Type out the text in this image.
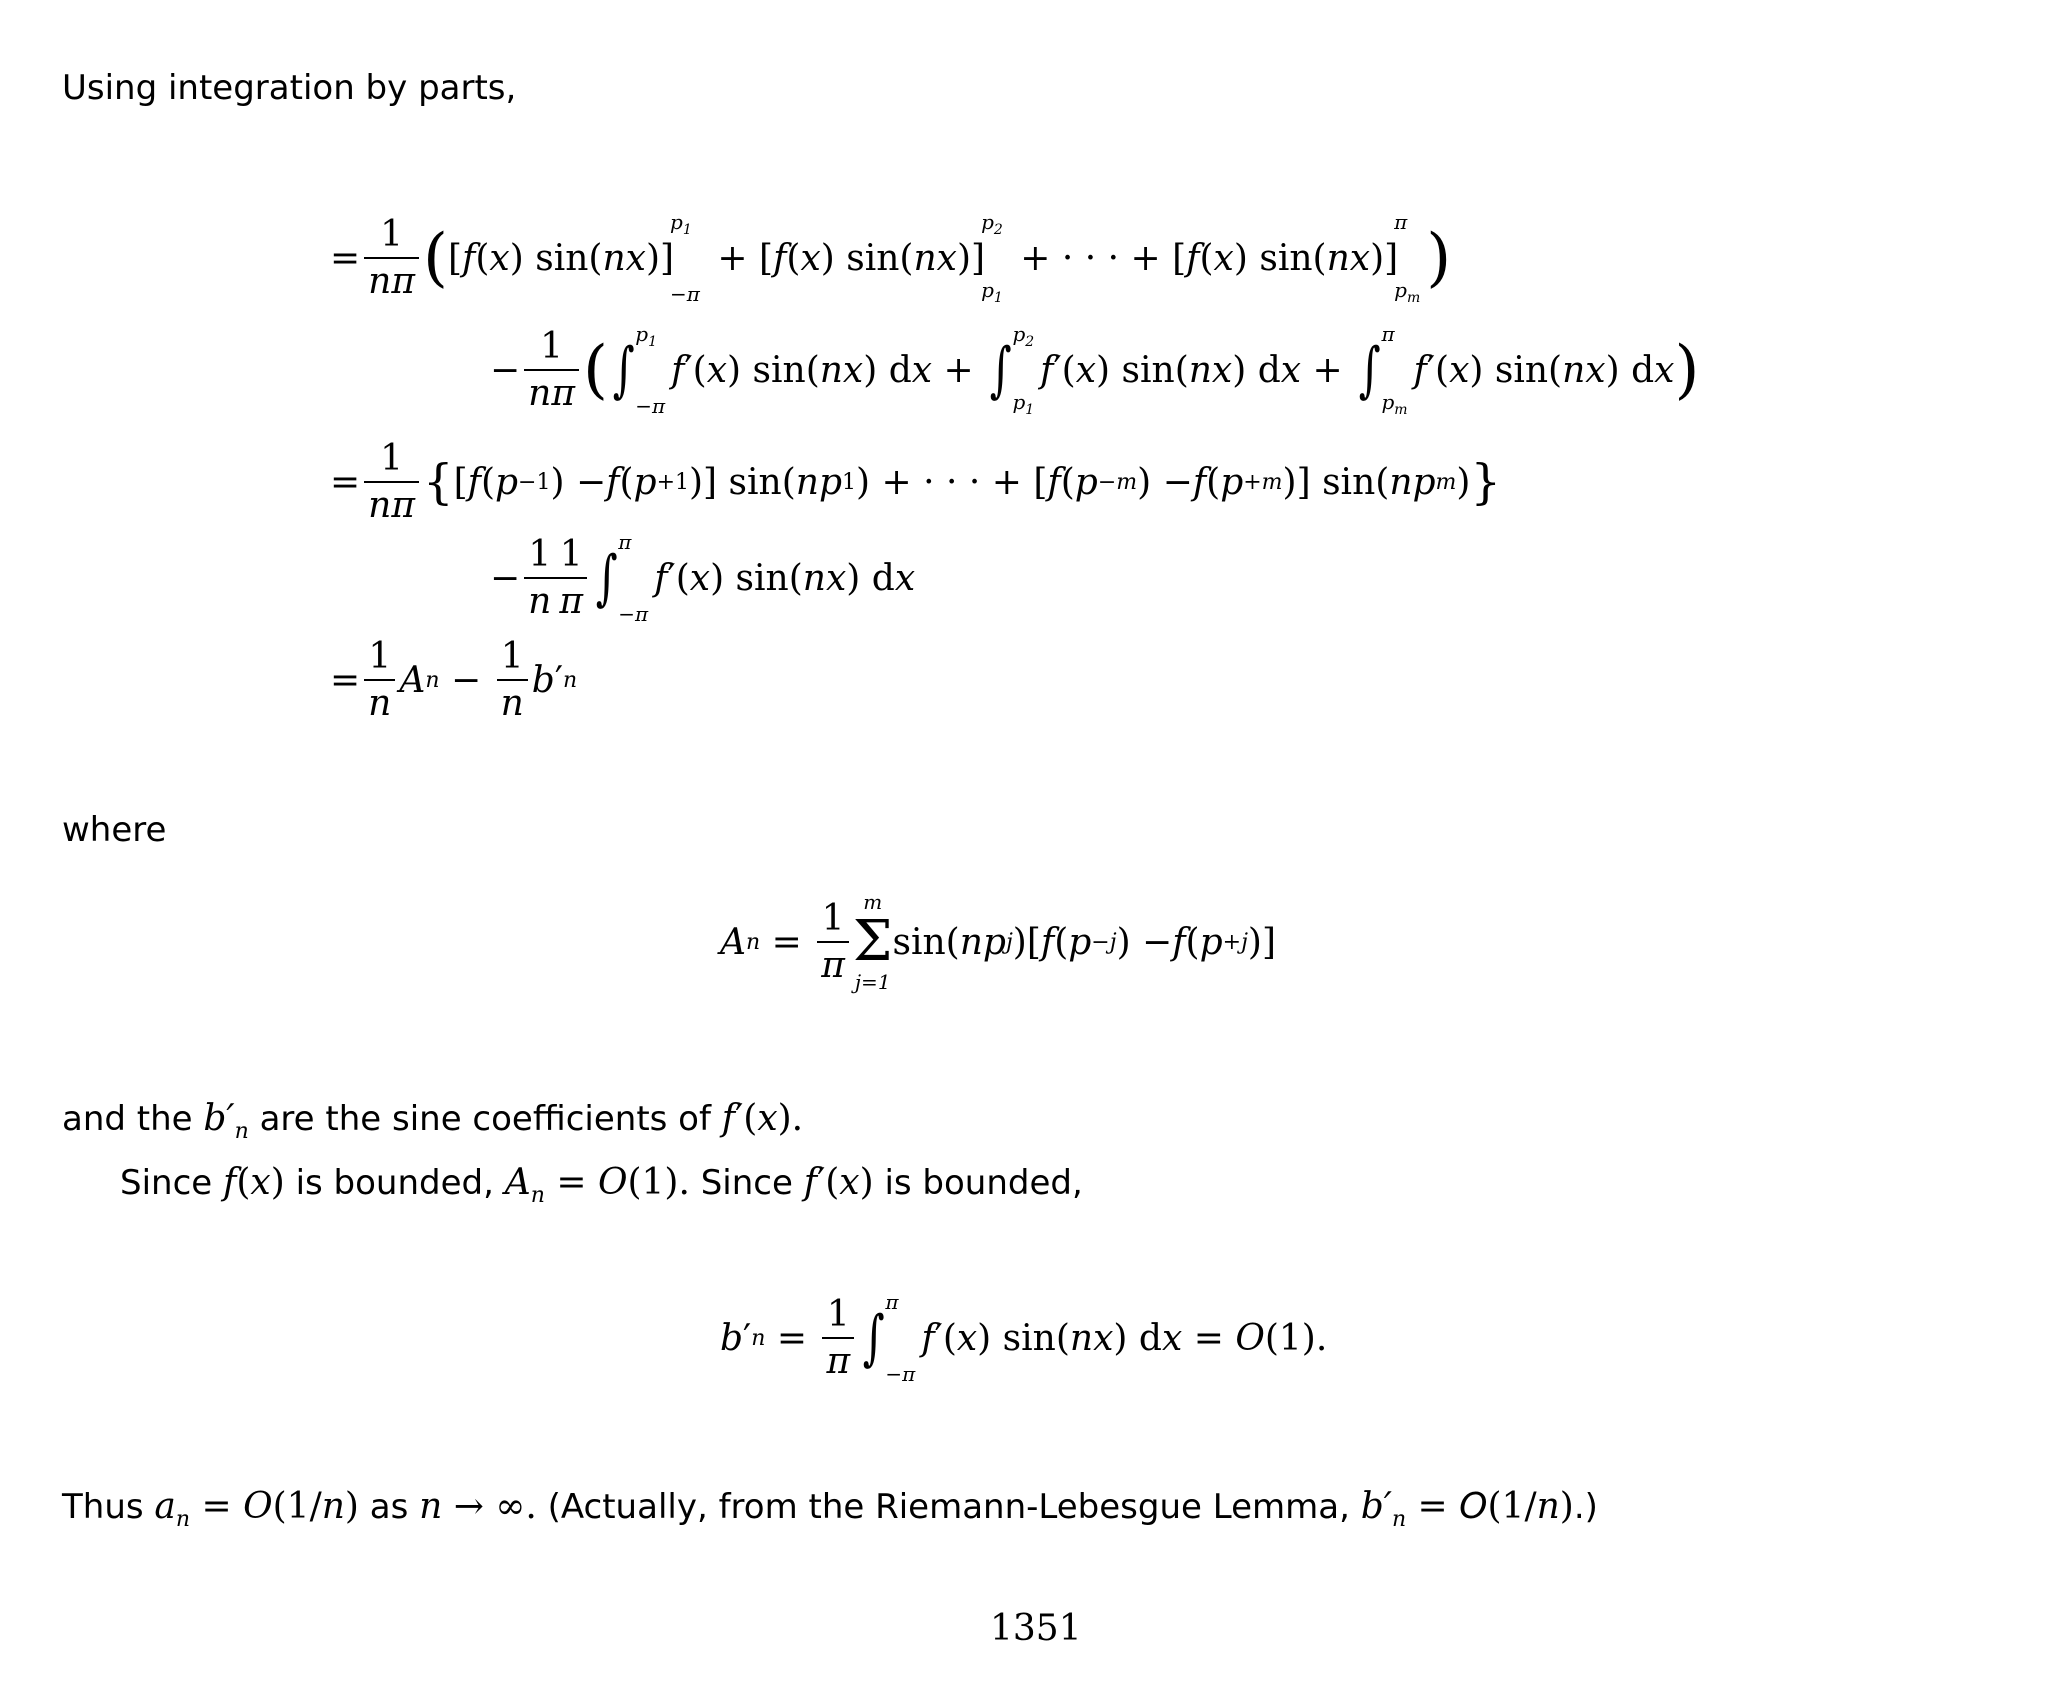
Using integration by parts,
= $\frac{1}{n\pi}$ ( [ f ( x ) sin( nx )]
$p_1$
−π
+ [ f ( x ) sin( nx )]
$p_2$
$p_1$
+ · · · + [ f ( x ) sin( nx )]
π
$p_m$
)
− $\frac{1}{n\pi}$ ( ∫
$p_1$
−π
f ′( x ) sin( nx ) d x + ∫
$p_2$
$p_1$
f ′( x ) sin( nx ) d x + ∫
π
$p_m$
f ′( x ) sin( nx ) d x )
= $\frac{1}{n\pi}$ { [ f ( p − 1 ) − f ( p + 1 )] sin( np 1 ) + · · · + [ f ( p − m ) − f ( p + m )] sin( np m ) }
− $\frac{1}{n} \frac{1}{\pi}$ ∫
π
−π
f ′( x ) sin( nx ) d x
= $\frac{1}{n}$ A $n - \frac{1}{n}$ b ′ n
where
A $n = \frac{1}{\pi}$ m
Σ
j=1
sin( np j )[ f ( p − j ) − f ( p + j )]
and the $b'_n$ are the sine coefficients of f′(x).
Since f(x) is bounded, $A_n = O(1)$. Since f′(x) is bounded,
b ′ $n = \frac{1}{\pi}$ ∫
π
−π
f ′( x ) sin( nx ) d x = O (1).
Thus $a_n = O(1/n)$ as n → ∞. (Actually, from the Riemann-Lebesgue Lemma, $b'_n = O(1/n)$.)
1351
